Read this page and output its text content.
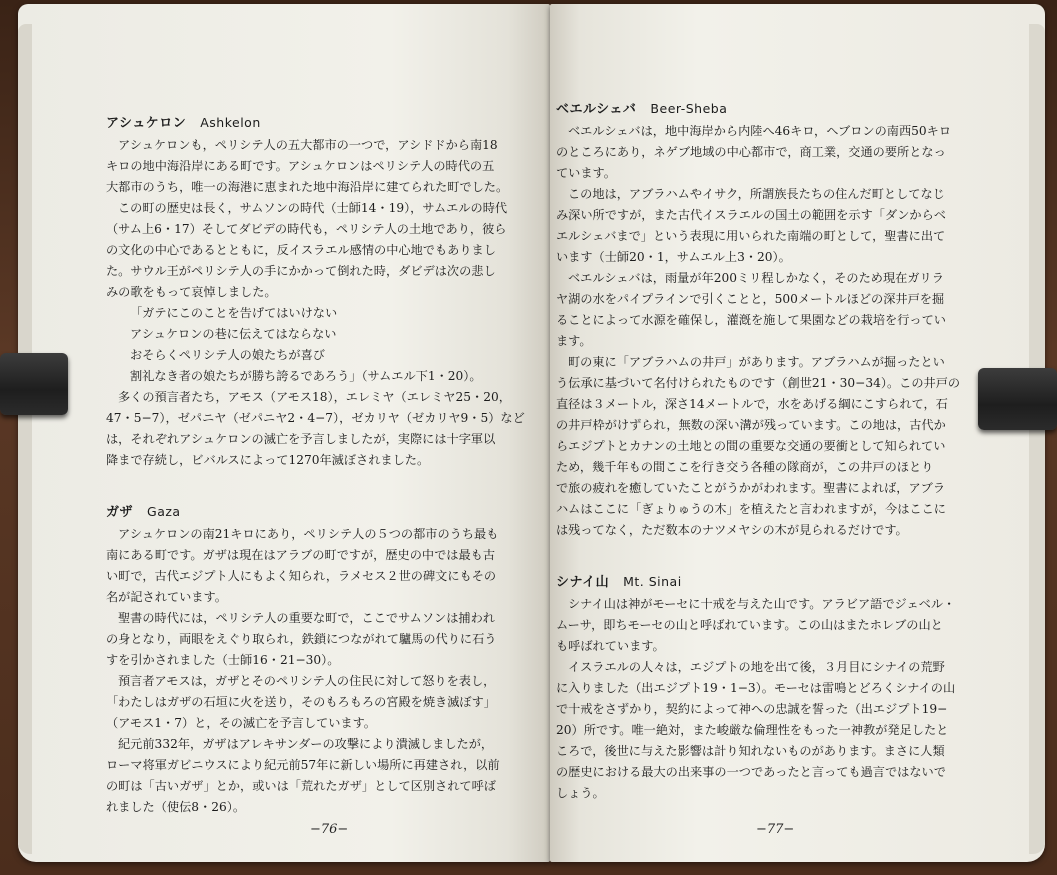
アシュケロン Ashkelon
アシュケロンも，ペリシテ人の五大都市の一つで，アシドドから南18
キロの地中海沿岸にある町です。アシュケロンはペリシテ人の時代の五
大都市のうち，唯一の海港に恵まれた地中海沿岸に建てられた町でした。
この町の歴史は長く，サムソンの時代（士師14・19），サムエルの時代
（サム上6・17）そしてダビデの時代も，ペリシテ人の土地であり，彼ら
の文化の中心であるとともに，反イスラエル感情の中心地でもありまし
た。サウル王がペリシテ人の手にかかって倒れた時，ダビデは次の悲し
みの歌をもって哀悼しました。
「ガテにこのことを告げてはいけない
アシュケロンの巷に伝えてはならない
おそらくペリシテ人の娘たちが喜び
割礼なき者の娘たちが勝ち誇るであろう」（サムエル下1・20）。
多くの預言者たち，アモス（アモス18），エレミヤ（エレミヤ25・20，
47・5−7），ゼパニヤ（ゼパニヤ2・4−7），ゼカリヤ（ゼカリヤ9・5）など
は，それぞれアシュケロンの滅亡を予言しましたが，実際には十字軍以
降まで存続し，ビバルスによって1270年滅ぼされました。
ガザ Gaza
アシュケロンの南21キロにあり，ペリシテ人の５つの都市のうち最も
南にある町です。ガザは現在はアラブの町ですが，歴史の中では最も古
い町で，古代エジプト人にもよく知られ，ラメセス２世の碑文にもその
名が記されています。
聖書の時代には，ペリシテ人の重要な町で，ここでサムソンは捕われ
の身となり，両眼をえぐり取られ，鉄鎖につながれて驢馬の代りに石う
すを引かされました（士師16・21−30）。
預言者アモスは，ガザとそのペリシテ人の住民に対して怒りを表し，
「わたしはガザの石垣に火を送り，そのもろもろの宮殿を焼き滅ぼす」
（アモス1・7）と，その滅亡を予言しています。
紀元前332年，ガザはアレキサンダーの攻撃により潰滅しましたが，
ローマ将軍ガビニウスにより紀元前57年に新しい場所に再建され，以前
の町は「古いガザ」とか，或いは「荒れたガザ」として区別されて呼ば
れました（使伝8・26）。
ベエルシェバ Beer-Sheba
ベエルシェバは，地中海岸から内陸へ46キロ，ヘブロンの南西50キロ
のところにあり，ネゲブ地域の中心都市で，商工業，交通の要所となっ
ています。
この地は，アブラハムやイサク，所謂族長たちの住んだ町としてなじ
み深い所ですが，また古代イスラエルの国土の範囲を示す「ダンからベ
エルシェバまで」という表現に用いられた南端の町として，聖書に出て
います（士師20・1，サムエル上3・20）。
ベエルシェバは，雨量が年200ミリ程しかなく，そのため現在ガリラ
ヤ湖の水をパイプラインで引くことと，500メートルほどの深井戸を掘
ることによって水源を確保し，灌漑を施して果園などの栽培を行ってい
ます。
町の東に「アブラハムの井戸」があります。アブラハムが掘ったとい
う伝承に基づいて名付けられたものです（創世21・30−34）。この井戸の
直径は３メートル，深さ14メートルで，水をあげる綱にこすられて，石
の井戸枠がけずられ，無数の深い溝が残っています。この地は，古代か
らエジプトとカナンの土地との間の重要な交通の要衝として知られてい
ため，幾千年もの間ここを行き交う各種の隊商が，この井戸のほとり
で旅の疲れを癒していたことがうかがわれます。聖書によれば，アブラ
ハムはここに「ぎょりゅうの木」を植えたと言われますが，今はここに
は残ってなく，ただ数本のナツメヤシの木が見られるだけです。
シナイ山 Mt. Sinai
シナイ山は神がモーセに十戒を与えた山です。アラビア語でジェベル・
ムーサ，即ちモーセの山と呼ばれています。この山はまたホレブの山と
も呼ばれています。
イスラエルの人々は，エジプトの地を出て後，３月目にシナイの荒野
に入りました（出エジプト19・1−3）。モーセは雷鳴とどろくシナイの山
で十戒をさずかり，契約によって神への忠誠を誓った（出エジプト19−
20）所です。唯一絶対，また峻厳な倫理性をもった一神教が発足したと
ころで，後世に与えた影響は計り知れないものがあります。まさに人類
の歴史における最大の出来事の一つであったと言っても過言ではないで
しょう。
−76−	−77−
